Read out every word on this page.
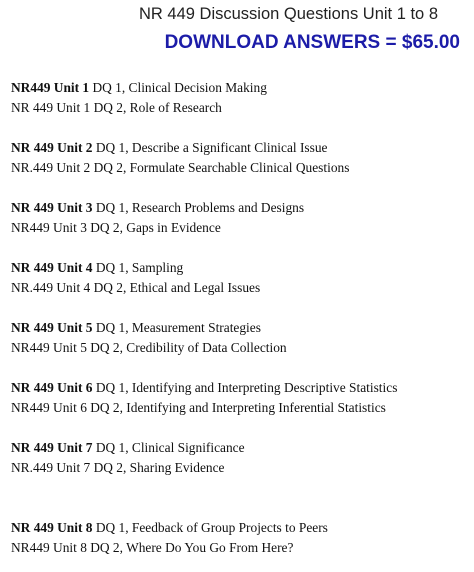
NR 449 Discussion Questions Unit 1 to 8
DOWNLOAD ANSWERS = $65.00
NR449 Unit 1 DQ 1, Clinical Decision Making
NR 449 Unit 1 DQ 2, Role of Research
NR 449 Unit 2 DQ 1, Describe a Significant Clinical Issue
NR.449 Unit 2 DQ 2, Formulate Searchable Clinical Questions
NR 449 Unit 3 DQ 1, Research Problems and Designs
NR449 Unit 3 DQ 2, Gaps in Evidence
NR 449 Unit 4 DQ 1, Sampling
NR.449 Unit 4 DQ 2, Ethical and Legal Issues
NR 449 Unit 5 DQ 1, Measurement Strategies
NR449 Unit 5 DQ 2, Credibility of Data Collection
NR 449 Unit 6 DQ 1, Identifying and Interpreting Descriptive Statistics
NR449 Unit 6 DQ 2, Identifying and Interpreting Inferential Statistics
NR 449 Unit 7 DQ 1, Clinical Significance
NR.449 Unit 7 DQ 2, Sharing Evidence
NR 449 Unit 8 DQ 1, Feedback of Group Projects to Peers
NR449 Unit 8 DQ 2, Where Do You Go From Here?
